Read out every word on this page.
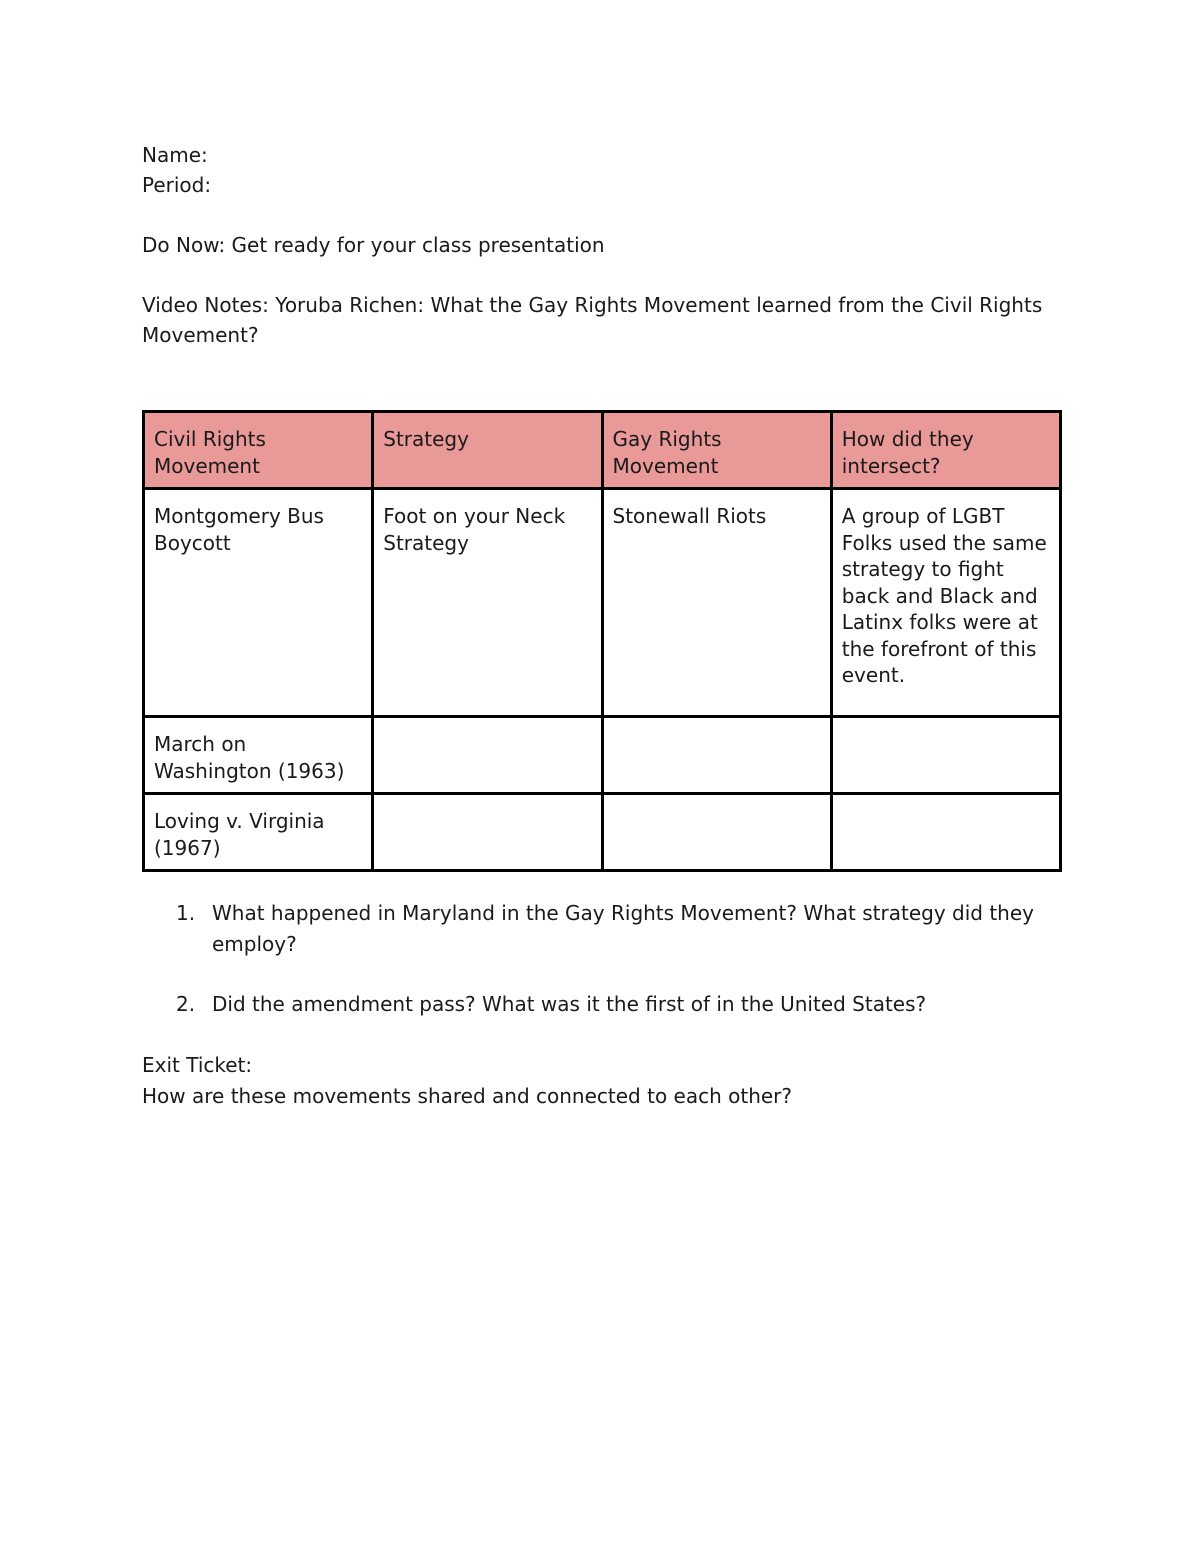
Name:

Period:

Do Now: Get ready for your class presentation

Video Notes: Yoruba Richen: What the Gay Rights Movement learned from the Civil Rights Movement?

Civil Rights Movement	Strategy	Gay Rights Movement	How did they intersect?
Montgomery Bus Boycott	Foot on your Neck Strategy	Stonewall Riots	A group of LGBT Folks used the same strategy to fight back and Black and Latinx folks were at the forefront of this event.
March on Washington (1963)			
Loving v. Virginia (1967)			
1. What happened in Maryland in the Gay Rights Movement? What strategy did they employ?
2. Did the amendment pass? What was it the first of in the United States?

Exit Ticket:

How are these movements shared and connected to each other?
